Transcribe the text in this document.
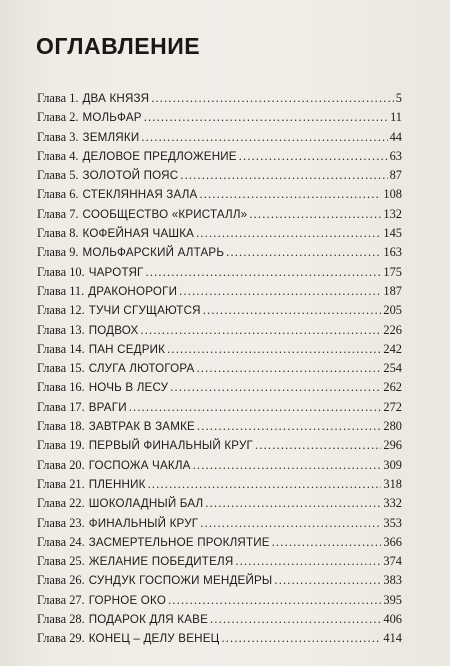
ОГЛАВЛЕНИЕ
Глава 1. ДВА КНЯЗЯ .....	5
Глава 2. МОЛЬФАР .....	11
Глава 3. ЗЕМЛЯКИ .....	44
Глава 4. ДЕЛОВОЕ ПРЕДЛОЖЕНИЕ .....	63
Глава 5. ЗОЛОТОЙ ПОЯС .....	87
Глава 6. СТЕКЛЯННАЯ ЗАЛА .....	108
Глава 7. СООБЩЕСТВО «КРИСТАЛЛ» .....	132
Глава 8. КОФЕЙНАЯ ЧАШКА .....	145
Глава 9. МОЛЬФАРСКИЙ АЛТАРЬ .....	163
Глава 10. ЧАРОТЯГ .....	175
Глава 11. ДРАКОНОРОГИ .....	187
Глава 12. ТУЧИ СГУЩАЮТСЯ .....	205
Глава 13. ПОДВОХ .....	226
Глава 14. ПАН СЕДРИК .....	242
Глава 15. СЛУГА ЛЮТОГОРА .....	254
Глава 16. НОЧЬ В ЛЕСУ .....	262
Глава 17. ВРАГИ .....	272
Глава 18. ЗАВТРАК В ЗАМКЕ .....	280
Глава 19. ПЕРВЫЙ ФИНАЛЬНЫЙ КРУГ .....	296
Глава 20. ГОСПОЖА ЧАКЛА .....	309
Глава 21. ПЛЕННИК .....	318
Глава 22. ШОКОЛАДНЫЙ БАЛ .....	332
Глава 23. ФИНАЛЬНЫЙ КРУГ .....	353
Глава 24. ЗАСМЕРТЕЛЬНОЕ ПРОКЛЯТИЕ .....	366
Глава 25. ЖЕЛАНИЕ ПОБЕДИТЕЛЯ .....	374
Глава 26. СУНДУК ГОСПОЖИ МЕНДЕЙРЫ .....	383
Глава 27. ГОРНОЕ ОКО .....	395
Глава 28. ПОДАРОК ДЛЯ КАВЕ .....	406
Глава 29. КОНЕЦ – ДЕЛУ ВЕНЕЦ .....	414
